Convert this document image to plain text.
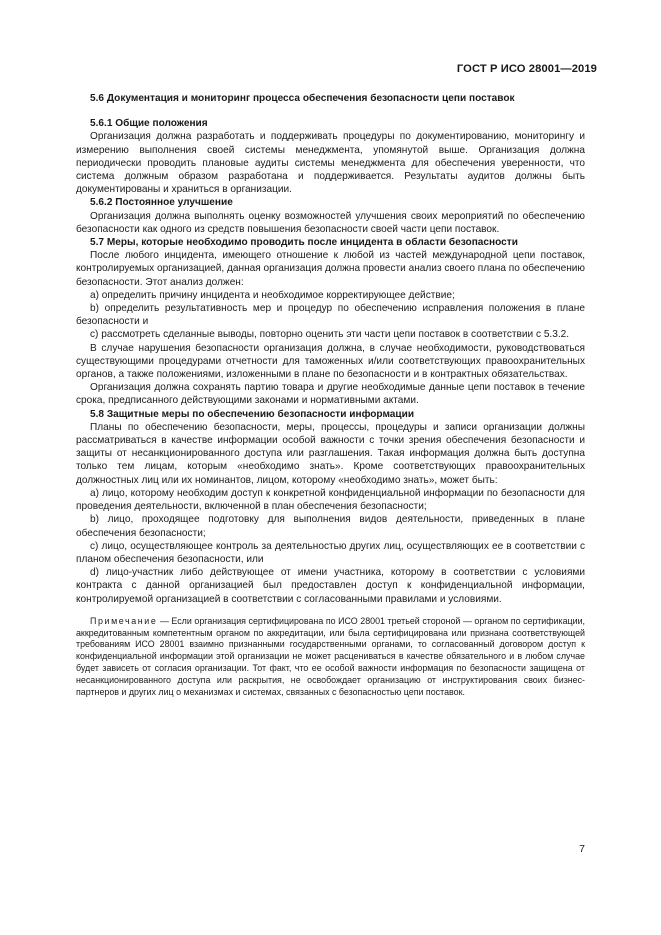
ГОСТ Р ИСО 28001—2019

5.6 Документация и мониторинг процесса обеспечения безопасности цепи поставок

5.6.1 Общие положения

Организация должна разработать и поддерживать процедуры по документированию, мониторингу и измерению выполнения своей системы менеджмента, упомянутой выше. Организация должна периодически проводить плановые аудиты системы менеджмента для обеспечения уверенности, что система должным образом разработана и поддерживается. Результаты аудитов должны быть документированы и храниться в организации.

5.6.2 Постоянное улучшение

Организация должна выполнять оценку возможностей улучшения своих мероприятий по обеспечению безопасности как одного из средств повышения безопасности своей части цепи поставок.

5.7 Меры, которые необходимо проводить после инцидента в области безопасности

После любого инцидента, имеющего отношение к любой из частей международной цепи поставок, контролируемых организацией, данная организация должна провести анализ своего плана по обеспечению безопасности. Этот анализ должен:

a) определить причину инцидента и необходимое корректирующее действие;

b) определить результативность мер и процедур по обеспечению исправления положения в плане безопасности и

c) рассмотреть сделанные выводы, повторно оценить эти части цепи поставок в соответствии с 5.3.2.

В случае нарушения безопасности организация должна, в случае необходимости, руководствоваться существующими процедурами отчетности для таможенных и/или соответствующих правоохранительных органов, а также положениями, изложенными в плане по безопасности и в контрактных обязательствах.

Организация должна сохранять партию товара и другие необходимые данные цепи поставок в течение срока, предписанного действующими законами и нормативными актами.

5.8 Защитные меры по обеспечению безопасности информации

Планы по обеспечению безопасности, меры, процессы, процедуры и записи организации должны рассматриваться в качестве информации особой важности с точки зрения обеспечения безопасности и защиты от несанкционированного доступа или разглашения. Такая информация должна быть доступна только тем лицам, которым «необходимо знать». Кроме соответствующих правоохранительных должностных лиц или их номинантов, лицом, которому «необходимо знать», может быть:

a) лицо, которому необходим доступ к конкретной конфиденциальной информации по безопасности для проведения деятельности, включенной в план обеспечения безопасности;

b) лицо, проходящее подготовку для выполнения видов деятельности, приведенных в плане обеспечения безопасности;

c) лицо, осуществляющее контроль за деятельностью других лиц, осуществляющих ее в соответствии с планом обеспечения безопасности, или

d) лицо-участник либо действующее от имени участника, которому в соответствии с условиями контракта с данной организацией был предоставлен доступ к конфиденциальной информации, контролируемой организацией в соответствии с согласованными правилами и условиями.

Примечание — Если организация сертифицирована по ИСО 28001 третьей стороной — органом по сертификации, аккредитованным компетентным органом по аккредитации, или была сертифицирована или признана соответствующей требованиям ИСО 28001 взаимно признанными государственными органами, то согласованный договором доступ к конфиденциальной информации этой организации не может расцениваться в качестве обязательного и в любом случае будет зависеть от согласия организации. Тот факт, что ее особой важности информация по безопасности защищена от несанкционированного доступа или раскрытия, не освобождает организацию от инструктирования своих бизнес-партнеров и других лиц о механизмах и системах, связанных с безопасностью цепи поставок.

7
